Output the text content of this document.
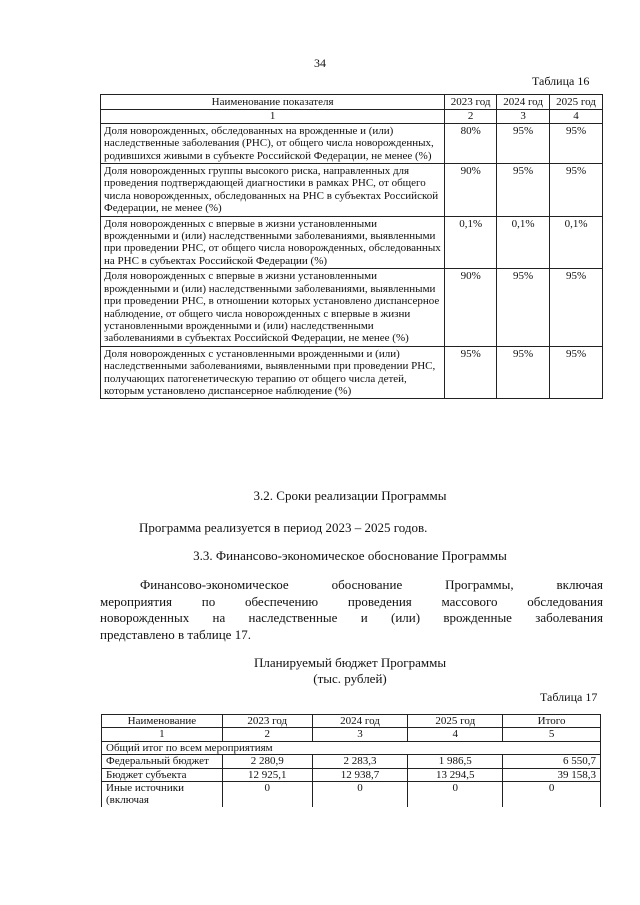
34
Таблица 16
Наименование показателя	2023 год	2024 год	2025 год
1	2	3	4
Доля новорожденных, обследованных на врожденные и (или) наследственные заболевания (РНС), от общего числа новорожденных, родившихся живыми в субъекте Российской Федерации, не менее (%)	80%	95%	95%
Доля новорожденных группы высокого риска, направленных для проведения подтверждающей диагностики в рамках РНС, от общего числа новорожденных, обследованных на РНС в субъектах Российской Федерации, не менее (%)	90%	95%	95%
Доля новорожденных с впервые в жизни установленными врожденными и (или) наследственными заболеваниями, выявленными при проведении РНС, от общего числа новорожденных, обследованных на РНС в субъектах Российской Федерации (%)	0,1%	0,1%	0,1%
Доля новорожденных с впервые в жизни установленными врожденными и (или) наследственными заболеваниями, выявленными при проведении РНС, в отношении которых установлено диспансерное наблюдение, от общего числа новорожденных с впервые в жизни установленными врожденными и (или) наследственными заболеваниями в субъектах Российской Федерации, не менее (%)	90%	95%	95%
Доля новорожденных с установленными врожденными и (или) наследственными заболеваниями, выявленными при проведении РНС, получающих патогенетическую терапию от общего числа детей, которым установлено диспансерное наблюдение (%)	95%	95%	95%
3.2. Сроки реализации Программы
Программа реализуется в период 2023 – 2025 годов.
3.3. Финансово-экономическое обоснование Программы
Финансово-экономическое обоснование Программы, включая
мероприятия по обеспечению проведения массового обследования
новорожденных на наследственные и (или) врожденные заболевания
представлено в таблице 17.
Планируемый бюджет Программы
(тыс. рублей)
Таблица 17
Наименование	2023 год	2024 год	2025 год	Итого
1	2	3	4	5
Общий итог по всем мероприятиям				
Федеральный бюджет	2 280,9	2 283,3	1 986,5	6 550,7
Бюджет субъекта	12 925,1	12 938,7	13 294,5	39 158,3
Иные источники (включая	0	0	0	0
